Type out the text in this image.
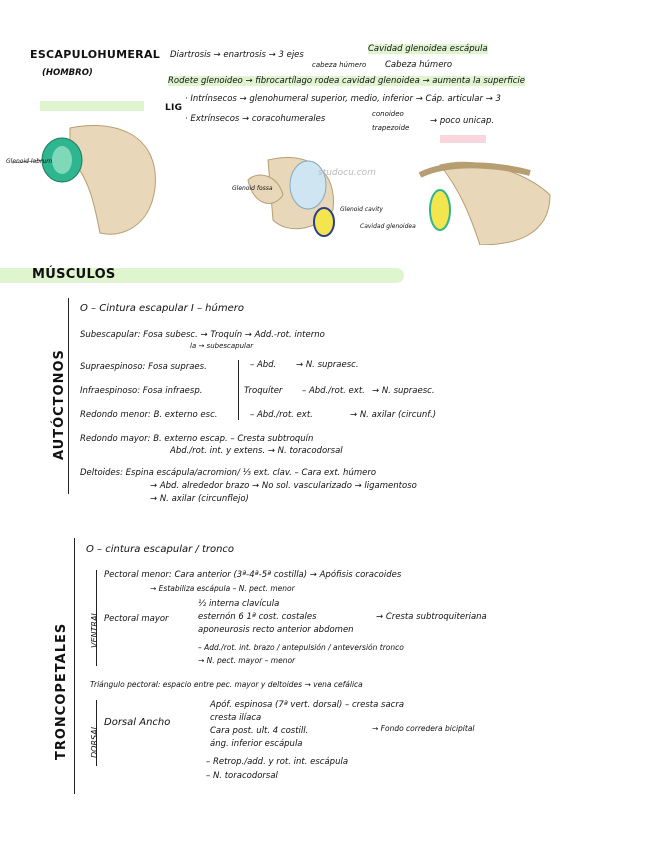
ESCAPULOHUMERAL
(HOMBRO)
Diartrosis → enartrosis → 3 ejes
Cavidad glenoidea escápula
cabeza húmero Cabeza húmero
Rodete glenoideo → fibrocartílago rodea cavidad glenoidea → aumenta la superficie
LIG
· Intrínsecos → glenohumeral superior, medio, inferior → Cáp. articular → 3
· Extrínsecos → coracohumerales	conoideo
trapezoide
→ poco unicap.
Glenoid labrum
Glenoid fossa
Glenoid cavity
Cavidad glenoidea
studocu.com
MÚSCULOS
AUTÓCTONOS
O – Cintura escapular I – húmero
Subescapular: Fosa subesc. → Troquín → Add.-rot. interno
la → subescapular
Supraespinoso: Fosa supraes.
Infraespinoso: Fosa infraesp.
Redondo menor: B. externo esc.
Troquíter
– Abd. → N. supraesc.
– Abd./rot. ext. → N. supraesc.
– Abd./rot. ext.	→ N. axilar (circunf.)
Redondo mayor: B. externo escap. – Cresta subtroquín
Abd./rot. int. y extens. → N. toracodorsal
Deltoides: Espina escápula/acromion/ ⅓ ext. clav. – Cara ext. húmero
→ Abd. alrededor brazo → No sol. vascularizado → ligamentoso
→ N. axilar (circunflejo)
TRONCOPETALES
O – cintura escapular / tronco
VENTRAL
Pectoral menor: Cara anterior (3ª-4ª-5ª costilla) → Apófisis coracoides
→ Estabiliza escápula – N. pect. menor
Pectoral mayor
½ interna clavícula
esternón 6 1ª cost. costales
aponeurosis recto anterior abdomen
→ Cresta subtroquiteriana
– Add./rot. int. brazo / antepulsión / anteversión tronco
→ N. pect. mayor – menor
Triángulo pectoral: espacio entre pec. mayor y deltoides → vena cefálica
DORSAL
Dorsal Ancho
Apóf. espinosa (7ª vert. dorsal) – cresta sacra
cresta ilíaca
Cara post. ult. 4 costill.
áng. inferior escápula
→ Fondo corredera bicipital
– Retrop./add. y rot. int. escápula
– N. toracodorsal
